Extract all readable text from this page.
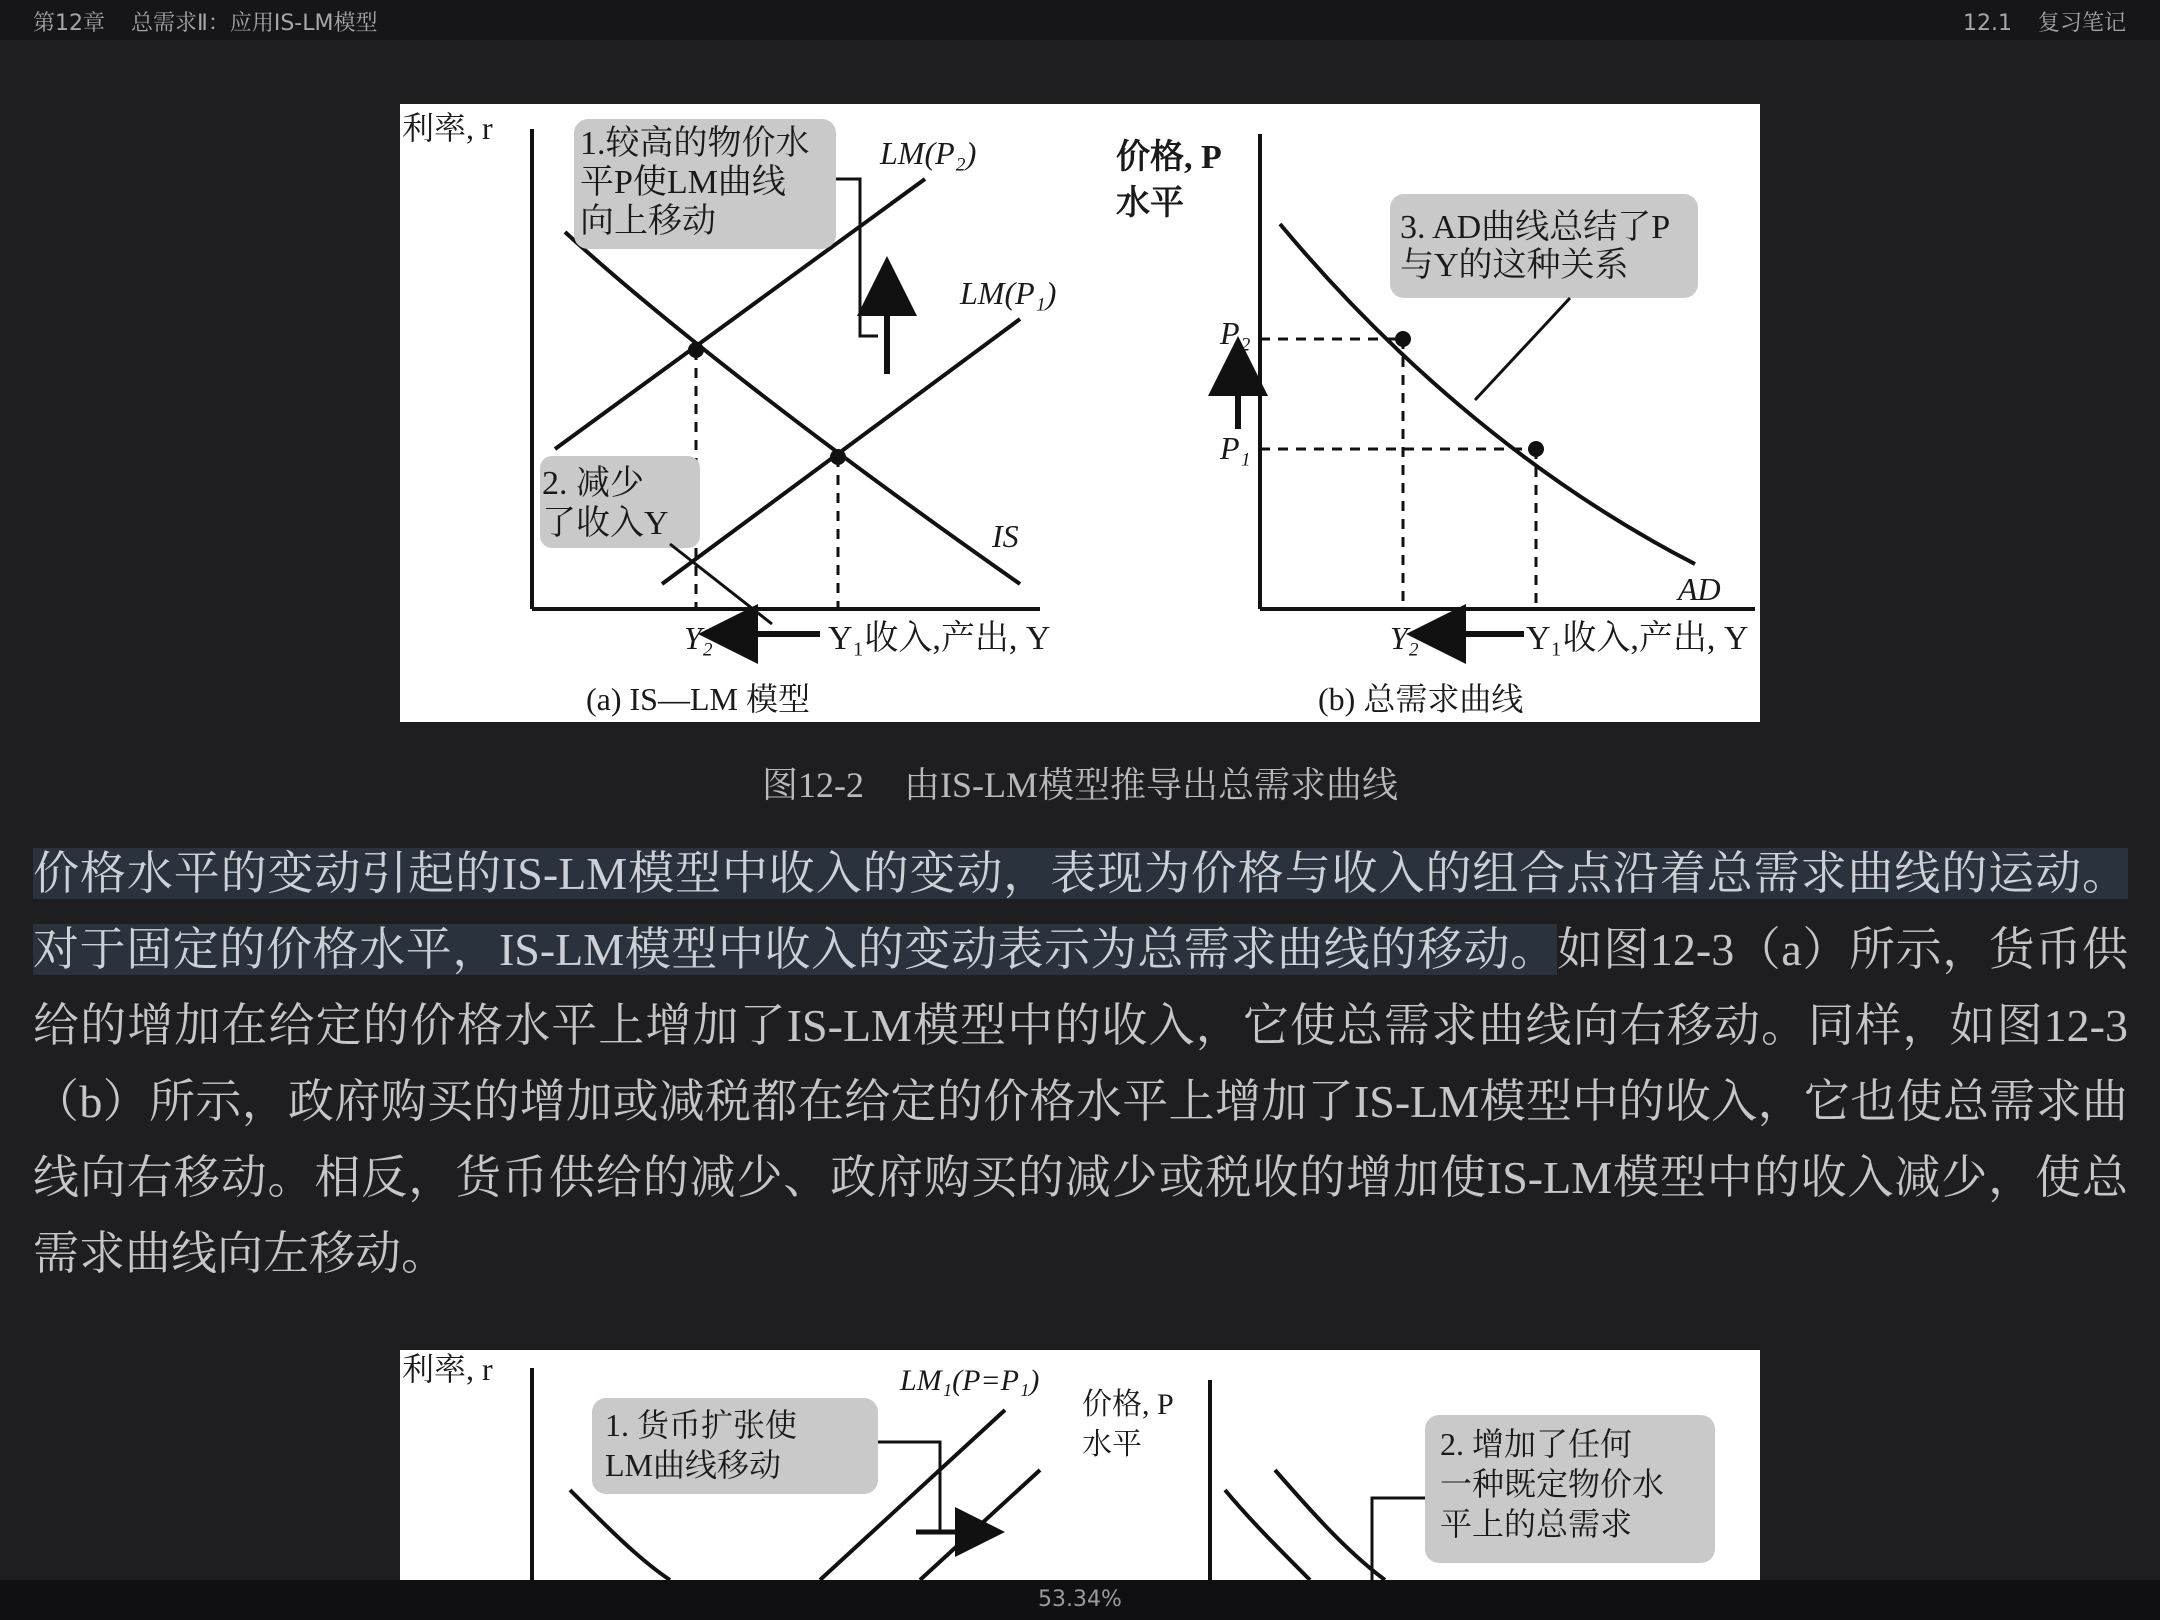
第12章 总需求Ⅱ：应用IS-LM模型	12.1 复习笔记
利率, r
IS
LM(P₂)
LM(P₁)
1.较高的物价水
平P使LM曲线
向上移动
2. 减少
了收入Y
Y₂	Y₁收入,产出, Y
(a) IS—LM 模型
价格, P
水平
AD
P₂
P₁
3. AD曲线总结了P
与Y的这种关系
Y₂	Y₁收入,产出, Y
(b) 总需求曲线
图12-2 由IS-LM模型推导出总需求曲线
价格水平的变动引起的IS-LM模型中收入的变动，表现为价格与收入的组合点沿着总需求曲线的运动。对于固定的价格水平，IS-LM模型中收入的变动表示为总需求曲线的移动。如图12-3（a）所示，货币供给的增加在给定的价格水平上增加了IS-LM模型中的收入，它使总需求曲线向右移动。同样，如图12-3（b）所示，政府购买的增加或减税都在给定的价格水平上增加了IS-LM模型中的收入，它也使总需求曲线向右移动。相反，货币供给的减少、政府购买的减少或税收的增加使IS-LM模型中的收入减少，使总需求曲线向左移动。
利率, r	LM₁(P=P₁)
1. 货币扩张使
LM曲线移动
价格, P
水平	2. 增加了任何
一种既定物价水
平上的总需求
53.34%
